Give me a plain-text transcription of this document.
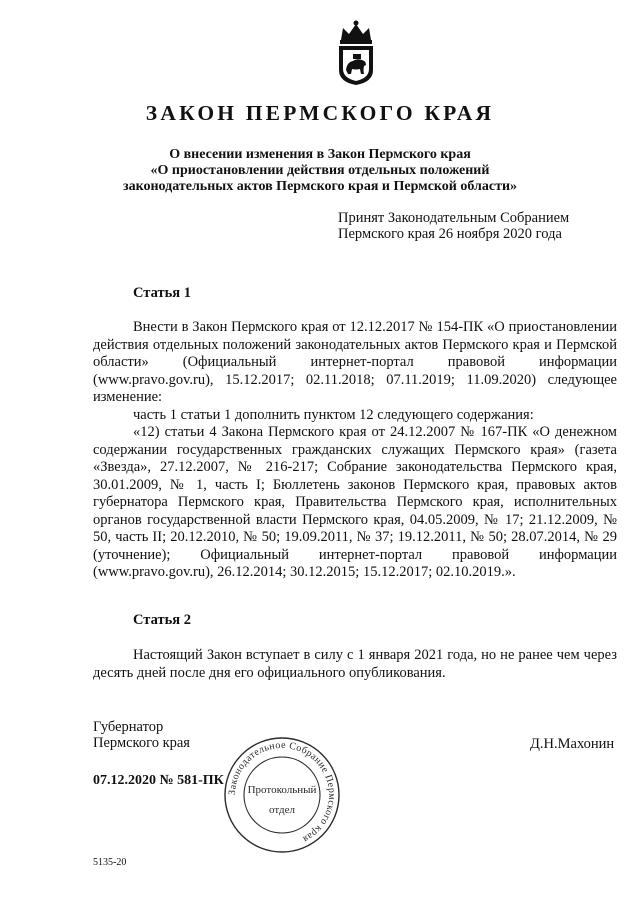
ЗАКОН ПЕРМСКОГО КРАЯ
О внесении изменения в Закон Пермского края
«О приостановлении действия отдельных положений
законодательных актов Пермского края и Пермской области»
Принят Законодательным Собранием
Пермского края 26 ноября 2020 года
Статья 1

Внести в Закон Пермского края от 12.12.2017 № 154-ПК «О приостановлении действия отдельных положений законодательных актов Пермского края и Пермской области» (Официальный интернет-портал правовой информации (www.pravo.gov.ru), 15.12.2017; 02.11.2018; 07.11.2019; 11.09.2020) следующее изменение:

часть 1 статьи 1 дополнить пунктом 12 следующего содержания:

«12) статьи 4 Закона Пермского края от 24.12.2007 № 167-ПК «О денежном содержании государственных гражданских служащих Пермского края» (газета «Звезда», 27.12.2007, № 216-217; Собрание законодательства Пермского края, 30.01.2009, № 1, часть I; Бюллетень законов Пермского края, правовых актов губернатора Пермского края, Правительства Пермского края, исполнительных органов государственной власти Пермского края, 04.05.2009, № 17; 21.12.2009, № 50, часть II; 20.12.2010, № 50; 19.09.2011, № 37; 19.12.2011, № 50; 28.07.2014, № 29 (уточнение); Официальный интернет-портал правовой информации (www.pravo.gov.ru), 26.12.2014; 30.12.2015; 15.12.2017; 02.10.2019.».

Статья 2

Настоящий Закон вступает в силу с 1 января 2021 года, но не ранее чем через десять дней после дня его официального опубликования.

Губернатор
Пермского края	Д.Н.Махонин
07.12.2020 № 581-ПК
5135-20
Законодательное Собрание Пермского края
Протокольный
отдел
